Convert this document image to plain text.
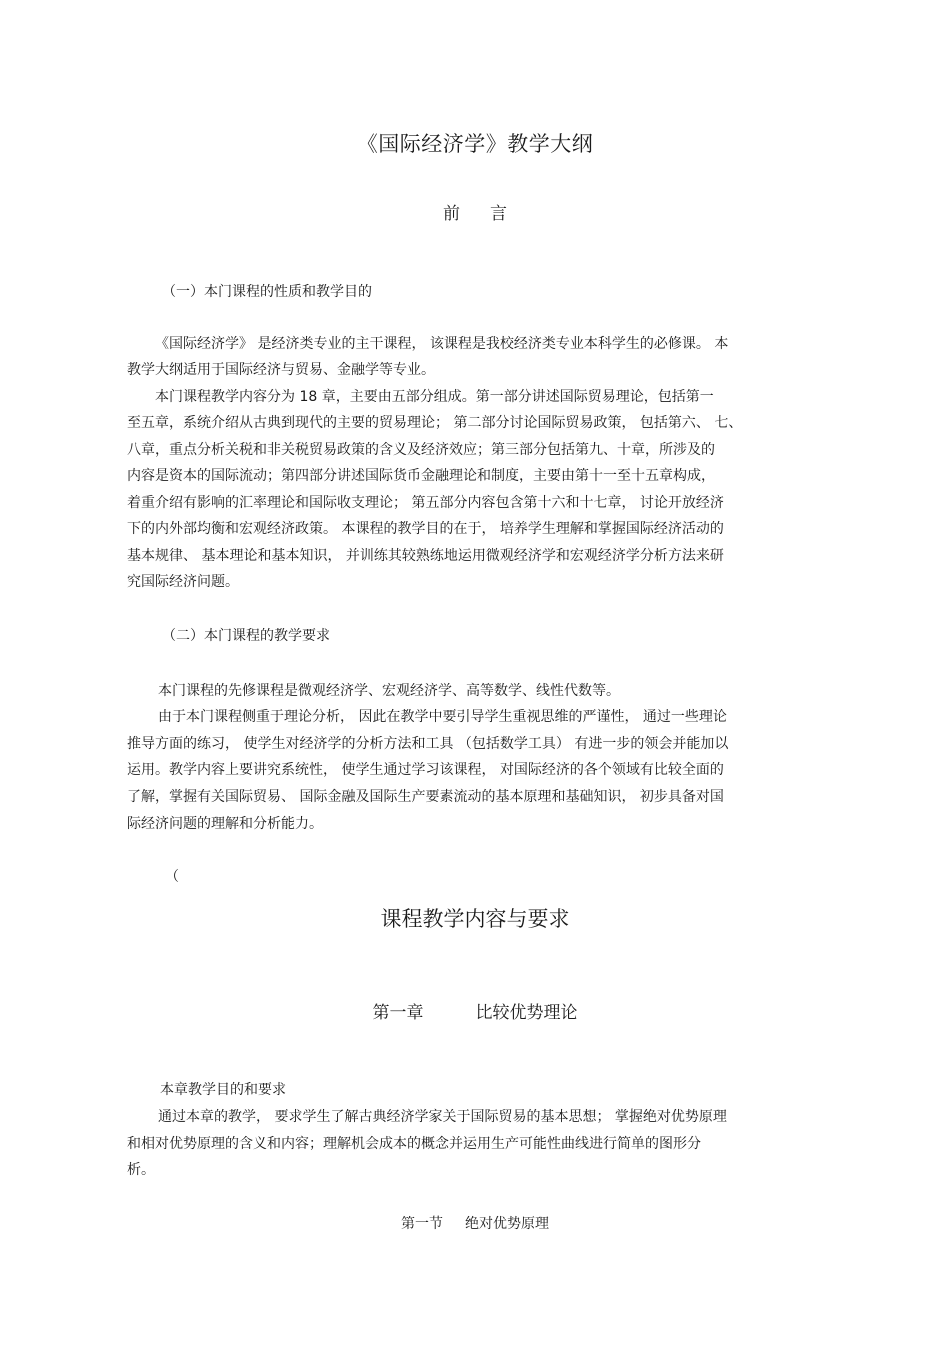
《国际经济学》教学大纲
前 言
（一）本门课程的性质和教学目的
《国际经济学》 是经济类专业的主干课程， 该课程是我校经济类专业本科学生的必修课。 本
教学大纲适用于国际经济与贸易、金融学等专业。
本门课程教学内容分为 18 章，主要由五部分组成。第一部分讲述国际贸易理论，包括第一
至五章，系统介绍从古典到现代的主要的贸易理论； 第二部分讨论国际贸易政策， 包括第六、 七、
八章，重点分析关税和非关税贸易政策的含义及经济效应；第三部分包括第九、十章，所涉及的
内容是资本的国际流动；第四部分讲述国际货币金融理论和制度，主要由第十一至十五章构成，
着重介绍有影响的汇率理论和国际收支理论； 第五部分内容包含第十六和十七章， 讨论开放经济
下的内外部均衡和宏观经济政策。 本课程的教学目的在于， 培养学生理解和掌握国际经济活动的
基本规律、 基本理论和基本知识， 并训练其较熟练地运用微观经济学和宏观经济学分析方法来研
究国际经济问题。
（二）本门课程的教学要求
本门课程的先修课程是微观经济学、宏观经济学、高等数学、线性代数等。
由于本门课程侧重于理论分析， 因此在教学中要引导学生重视思维的严谨性， 通过一些理论
推导方面的练习， 使学生对经济学的分析方法和工具 （包括数学工具） 有进一步的领会并能加以
运用。教学内容上要讲究系统性， 使学生通过学习该课程， 对国际经济的各个领域有比较全面的
了解，掌握有关国际贸易、 国际金融及国际生产要素流动的基本原理和基础知识， 初步具备对国
际经济问题的理解和分析能力。
（
课程教学内容与要求
第一章	比较优势理论
本章教学目的和要求
通过本章的教学， 要求学生了解古典经济学家关于国际贸易的基本思想； 掌握绝对优势原理
和相对优势原理的含义和内容；理解机会成本的概念并运用生产可能性曲线进行简单的图形分
析。
第一节 绝对优势原理
